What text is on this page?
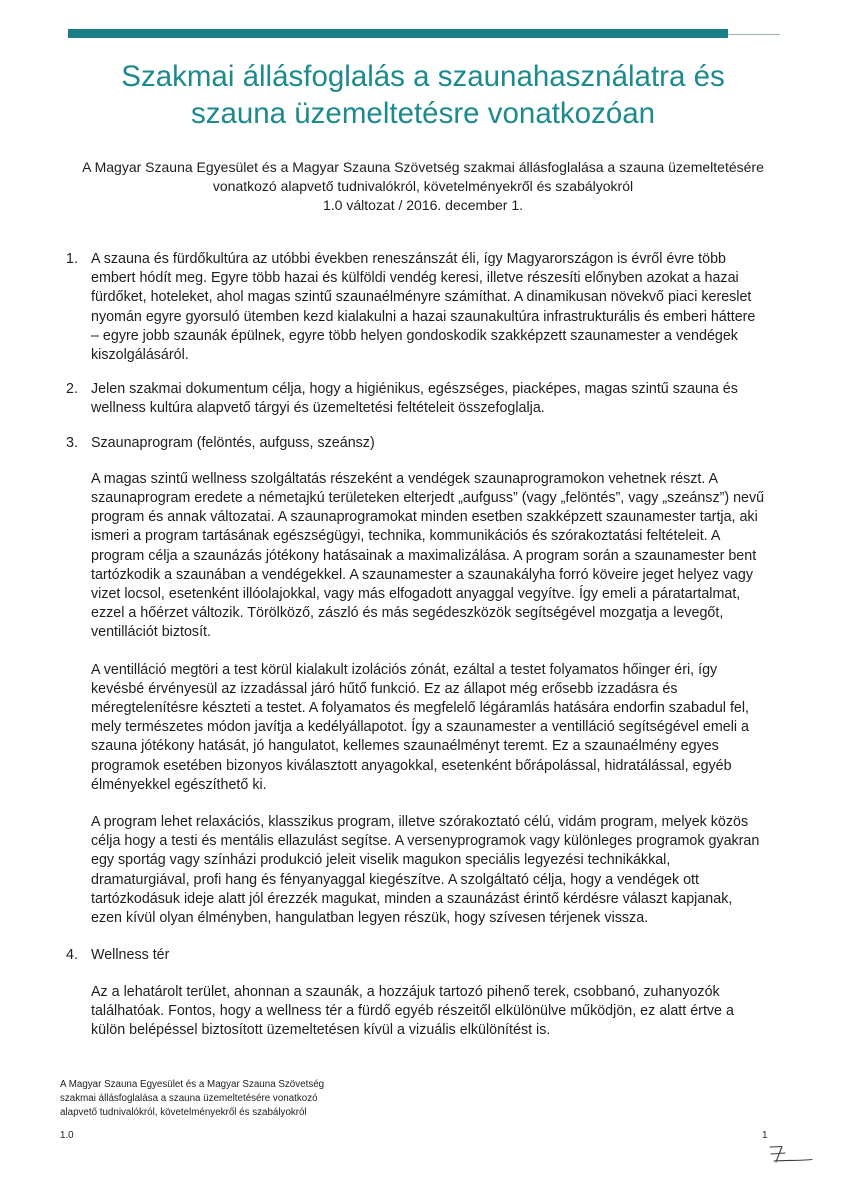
Szakmai állásfoglalás a szaunahasználatra és
szauna üzemeltetésre vonatkozóan
A Magyar Szauna Egyesület és a Magyar Szauna Szövetség szakmai állásfoglalása a szauna üzemeltetésére
vonatkozó alapvető tudnivalókról, követelményekről és szabályokról
1.0 változat / 2016. december 1.
1. A szauna és fürdőkultúra az utóbbi években reneszánszát éli, így Magyarországon is évről évre több embert hódít meg. Egyre több hazai és külföldi vendég keresi, illetve részesíti előnyben azokat a hazai fürdőket, hoteleket, ahol magas szintű szaunaélményre számíthat. A dinamikusan növekvő piaci kereslet nyomán egyre gyorsuló ütemben kezd kialakulni a hazai szaunakultúra infrastrukturális és emberi háttere – egyre jobb szaunák épülnek, egyre több helyen gondoskodik szakképzett szaunamester a vendégek kiszolgálásáról.
2. Jelen szakmai dokumentum célja, hogy a higiénikus, egészséges, piacképes, magas szintű szauna és wellness kultúra alapvető tárgyi és üzemeltetési feltételeit összefoglalja.
3. Szaunaprogram (felöntés, aufguss, szeánsz)

A magas szintű wellness szolgáltatás részeként a vendégek szaunaprogramokon vehetnek részt. A szaunaprogram eredete a németajkú területeken elterjedt „aufguss” (vagy „felöntés”, vagy „szeánsz”) nevű program és annak változatai. A szaunaprogramokat minden esetben szakképzett szaunamester tartja, aki ismeri a program tartásának egészségügyi, technika, kommunikációs és szórakoztatási feltételeit. A program célja a szaunázás jótékony hatásainak a maximalizálása. A program során a szaunamester bent tartózkodik a szaunában a vendégekkel. A szaunamester a szaunakályha forró köveire jeget helyez vagy vizet locsol, esetenként illóolajokkal, vagy más elfogadott anyaggal vegyítve. Így emeli a páratartalmat, ezzel a hőérzet változik. Törölköző, zászló és más segédeszközök segítségével mozgatja a levegőt, ventillációt biztosít.

A ventilláció megtöri a test körül kialakult izolációs zónát, ezáltal a testet folyamatos hőinger éri, így kevésbé érvényesül az izzadással járó hűtő funkció. Ez az állapot még erősebb izzadásra és méregtelenítésre készteti a testet. A folyamatos és megfelelő légáramlás hatására endorfin szabadul fel, mely természetes módon javítja a kedélyállapotot. Így a szaunamester a ventilláció segítségével emeli a szauna jótékony hatását, jó hangulatot, kellemes szaunaélményt teremt. Ez a szaunaélmény egyes programok esetében bizonyos kiválasztott anyagokkal, esetenként bőrápolással, hidratálással, egyéb élményekkel egészíthető ki.

A program lehet relaxációs, klasszikus program, illetve szórakoztató célú, vidám program, melyek közös célja hogy a testi és mentális ellazulást segítse. A versenyprogramok vagy különleges programok gyakran egy sportág vagy színházi produkció jeleit viselik magukon speciális legyezési technikákkal, dramaturgiával, profi hang és fényanyaggal kiegészítve. A szolgáltató célja, hogy a vendégek ott tartózkodásuk ideje alatt jól érezzék magukat, minden a szaunázást érintő kérdésre választ kapjanak, ezen kívül olyan élményben, hangulatban legyen részük, hogy szívesen térjenek vissza.

4. Wellness tér

Az a lehatárolt terület, ahonnan a szaunák, a hozzájuk tartozó pihenő terek, csobbanó, zuhanyozók találhatóak. Fontos, hogy a wellness tér a fürdő egyéb részeitől elkülönülve működjön, ez alatt értve a külön belépéssel biztosított üzemeltetésen kívül a vizuális elkülönítést is.

A Magyar Szauna Egyesület és a Magyar Szauna Szövetség
szakmai állásfoglalása a szauna üzemeltetésére vonatkozó
alapvető tudnivalókról, követelményekről és szabályokról
1.0	1
